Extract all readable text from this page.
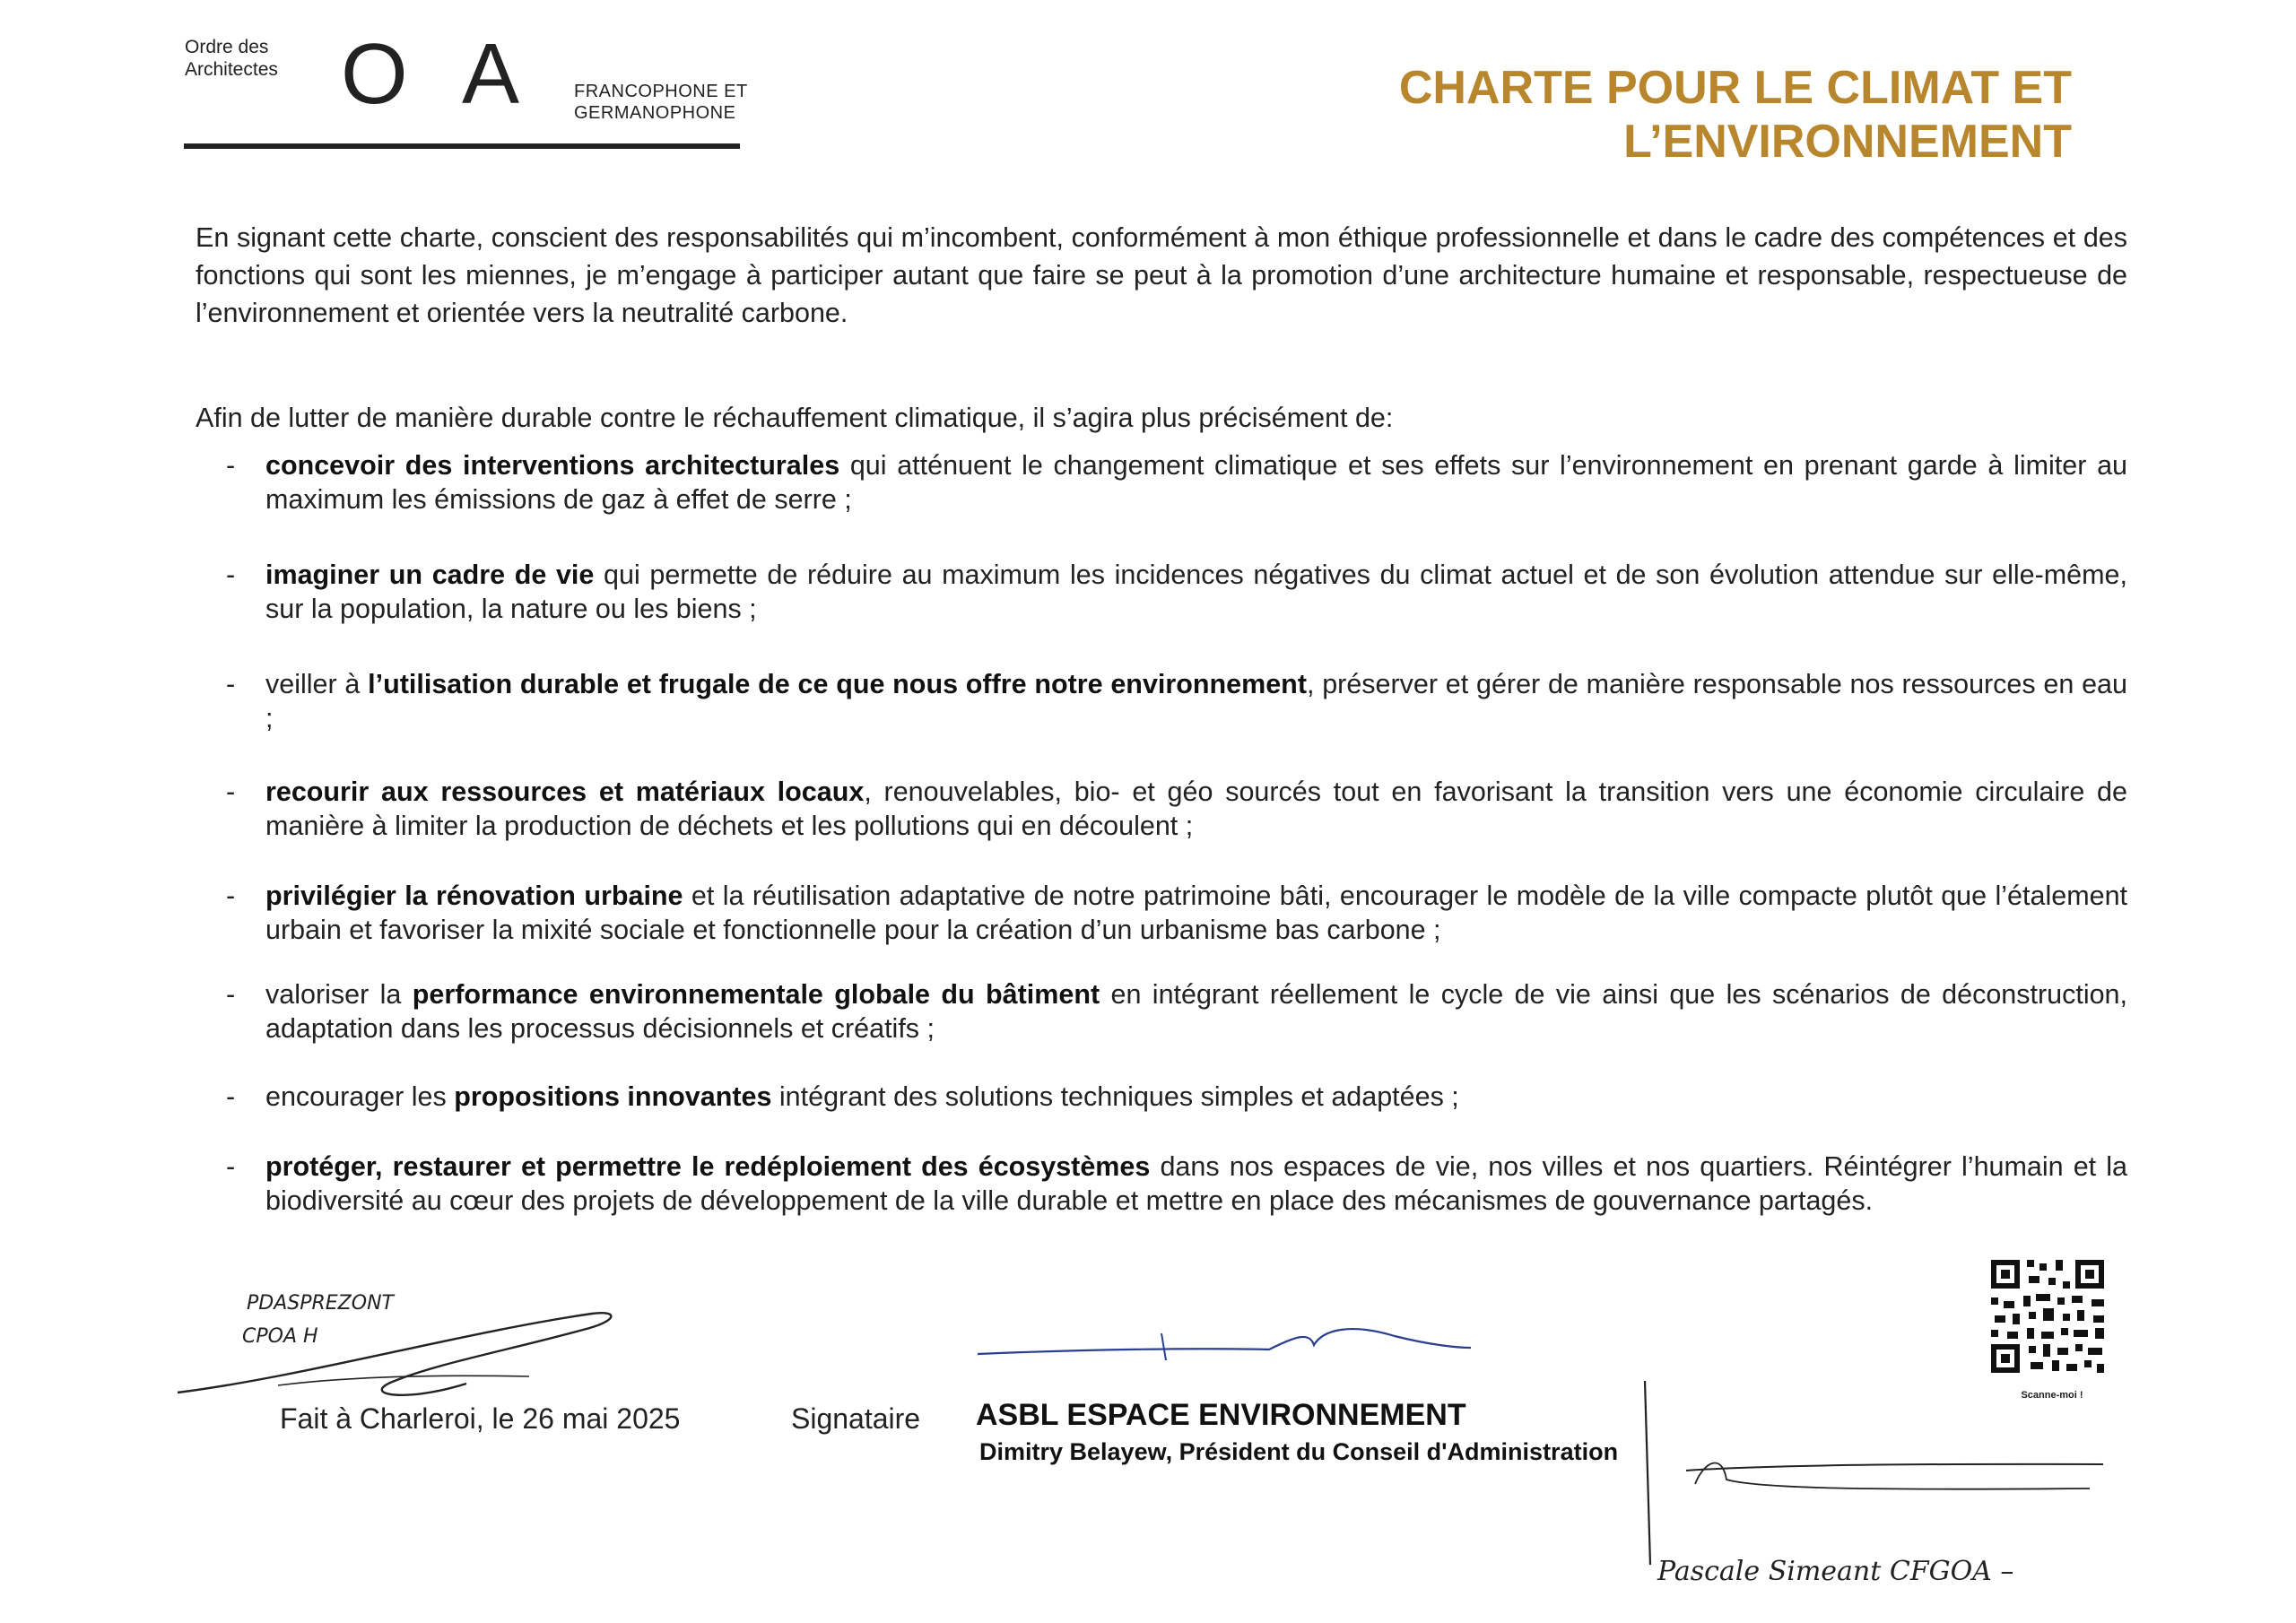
Ordre des
Architectes O A	FRANCOPHONE ET
GERMANOPHONE	CHARTE POUR LE CLIMAT ET
L’ENVIRONNEMENT
En signant cette charte, conscient des responsabilités qui m’incombent, conformément à mon éthique professionnelle et dans le cadre des compétences et des fonctions qui sont les miennes, je m’engage à participer autant que faire se peut à la promotion d’une architecture humaine et responsable, respectueuse de l’environnement et orientée vers la neutralité carbone.
Afin de lutter de manière durable contre le réchauffement climatique, il s’agira plus précisément de:
-	concevoir des interventions architecturales qui atténuent le changement climatique et ses effets sur l’environnement en prenant garde à limiter au maximum les émissions de gaz à effet de serre ;
-	imaginer un cadre de vie qui permette de réduire au maximum les incidences négatives du climat actuel et de son évolution attendue sur elle-même, sur la population, la nature ou les biens ;
-	veiller à l’utilisation durable et frugale de ce que nous offre notre environnement, préserver et gérer de manière responsable nos ressources en eau ;
-	recourir aux ressources et matériaux locaux, renouvelables, bio- et géo sourcés tout en favorisant la transition vers une économie circulaire de manière à limiter la production de déchets et les pollutions qui en découlent ;
-	privilégier la rénovation urbaine et la réutilisation adaptative de notre patrimoine bâti, encourager le modèle de la ville compacte plutôt que l’étalement urbain et favoriser la mixité sociale et fonctionnelle pour la création d’un urbanisme bas carbone ;
-	valoriser la performance environnementale globale du bâtiment en intégrant réellement le cycle de vie ainsi que les scénarios de déconstruction, adaptation dans les processus décisionnels et créatifs ;
-	encourager les propositions innovantes intégrant des solutions techniques simples et adaptées ;
-	protéger, restaurer et permettre le redéploiement des écosystèmes dans nos espaces de vie, nos villes et nos quartiers. Réintégrer l’humain et la biodiversité au cœur des projets de développement de la ville durable et mettre en place des mécanismes de gouvernance partagés.
PDASPREZONT
CPOA H
Fait à Charleroi, le 26 mai 2025	Signataire ASBL ESPACE ENVIRONNEMENT
Dimitry Belayew, Président du Conseil d'Administration
Pascale Simeant CFGOA –
Scanne-moi !
